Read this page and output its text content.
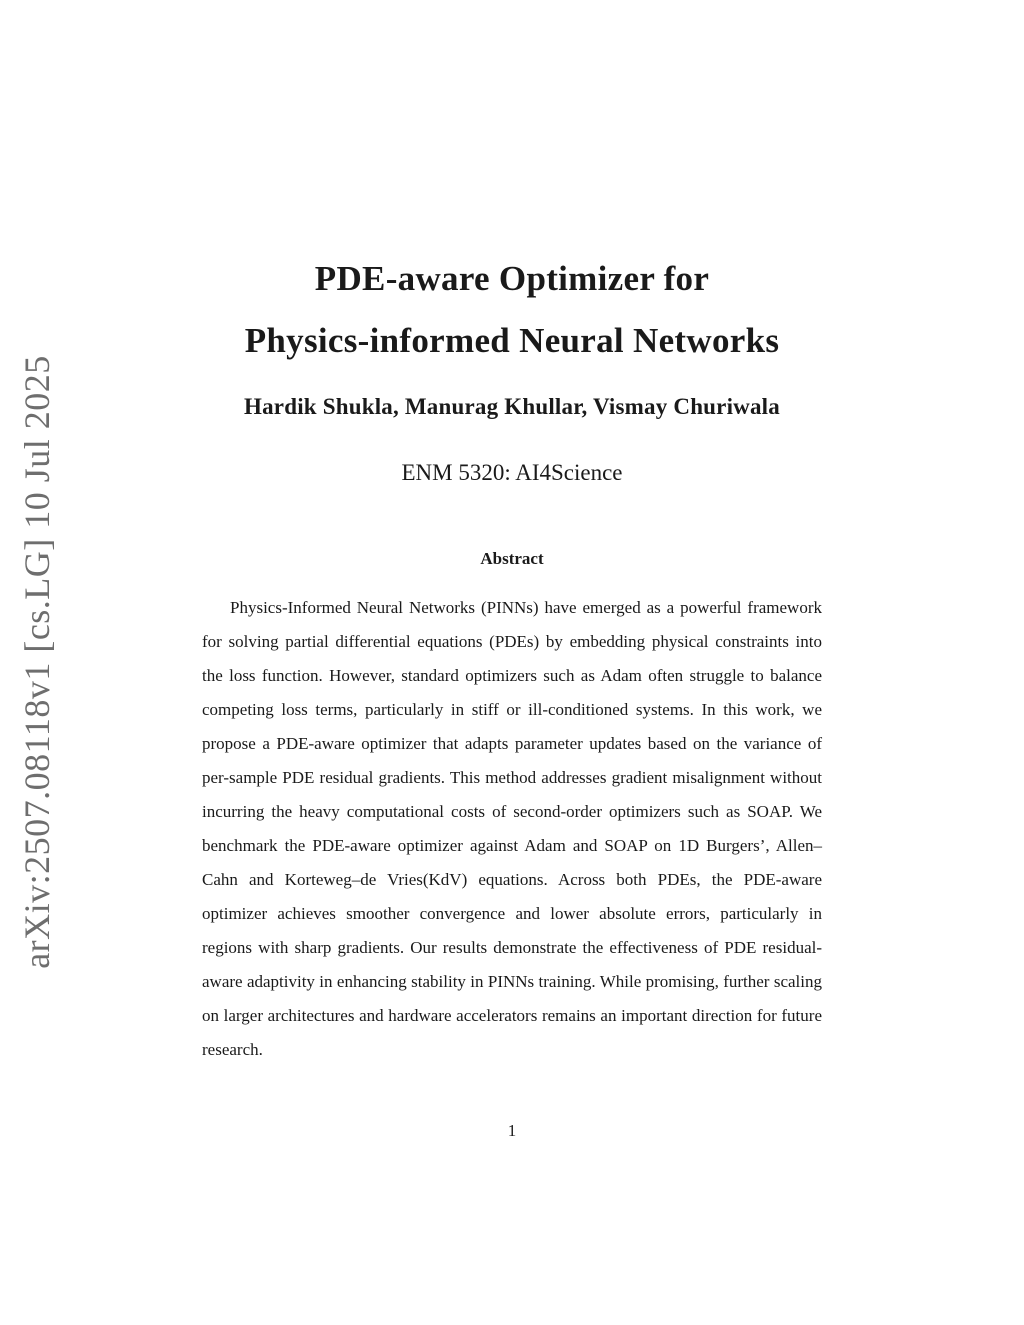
arXiv:2507.08118v1 [cs.LG] 10 Jul 2025
PDE-aware Optimizer for
Physics-informed Neural Networks
Hardik Shukla, Manurag Khullar, Vismay Churiwala
ENM 5320: AI4Science
Abstract

Physics-Informed Neural Networks (PINNs) have emerged as a powerful framework for solving partial differential equations (PDEs) by embedding physical constraints into the loss function. However, standard optimizers such as Adam often struggle to balance competing loss terms, particularly in stiff or ill-conditioned systems. In this work, we propose a PDE-aware optimizer that adapts parameter updates based on the variance of per-sample PDE residual gradients. This method addresses gradient misalignment without incurring the heavy computational costs of second-order optimizers such as SOAP. We benchmark the PDE-aware optimizer against Adam and SOAP on 1D Burgers’, Allen–Cahn and Korteweg–de Vries(KdV) equations. Across both PDEs, the PDE-aware optimizer achieves smoother convergence and lower absolute errors, particularly in regions with sharp gradients. Our results demonstrate the effectiveness of PDE residual-aware adaptivity in enhancing stability in PINNs training. While promising, further scaling on larger architectures and hardware accelerators remains an important direction for future research.

1
